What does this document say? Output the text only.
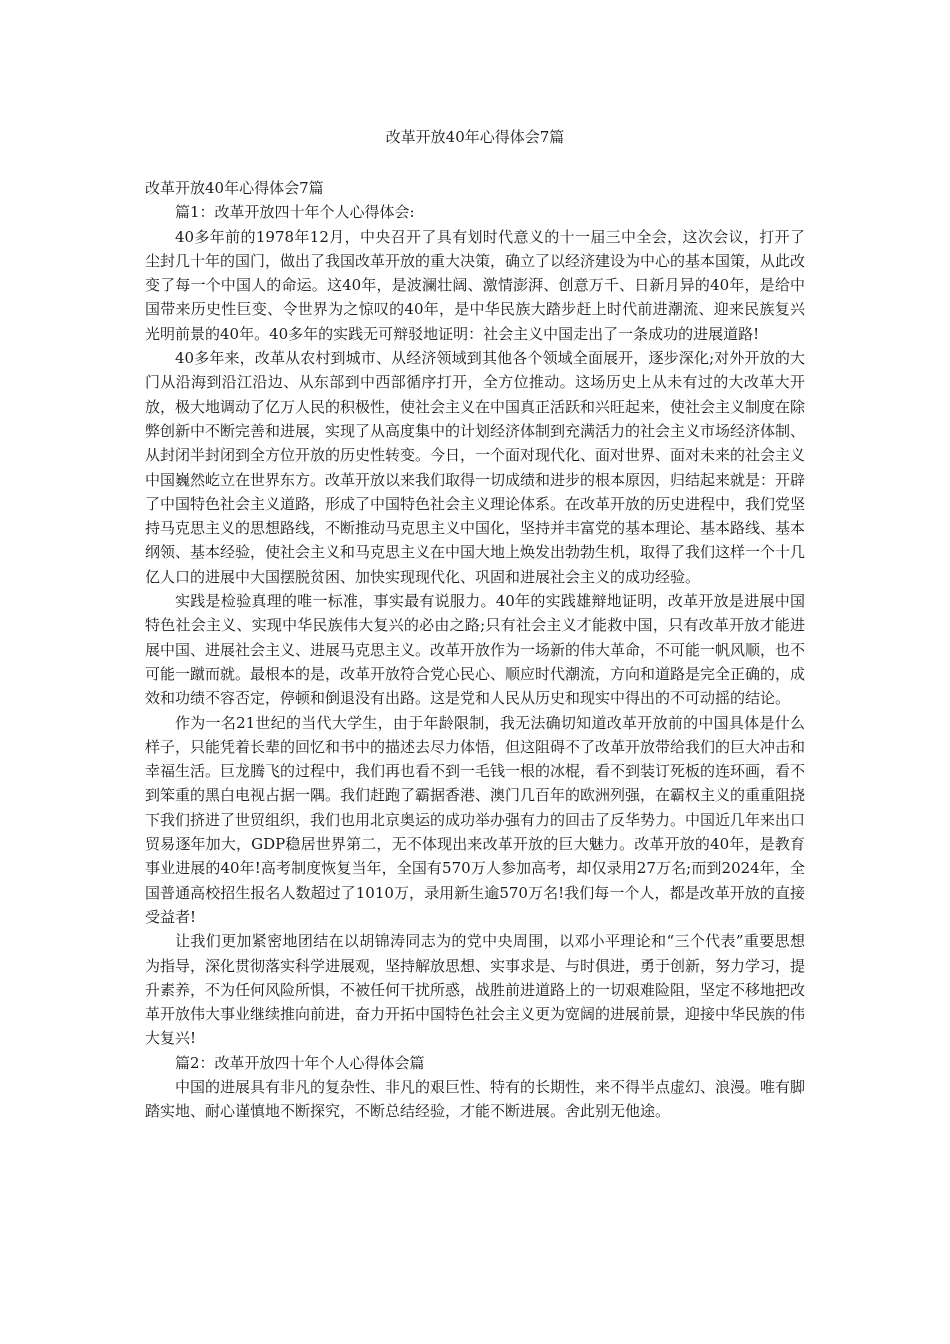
改革开放40年心得体会7篇

改革开放40年心得体会7篇

篇1：改革开放四十年个人心得体会:

40多年前的1978年12月，中央召开了具有划时代意义的十一届三中全会，这次会议，打开了尘封几十年的国门，做出了我国改革开放的重大决策，确立了以经济建设为中心的基本国策，从此改变了每一个中国人的命运。这40年，是波澜壮阔、激情澎湃、创意万千、日新月异的40年，是给中国带来历史性巨变、令世界为之惊叹的40年，是中华民族大踏步赶上时代前进潮流、迎来民族复兴光明前景的40年。40多年的实践无可辩驳地证明：社会主义中国走出了一条成功的进展道路!

40多年来，改革从农村到城市、从经济领域到其他各个领域全面展开，逐步深化;对外开放的大门从沿海到沿江沿边、从东部到中西部循序打开，全方位推动。这场历史上从未有过的大改革大开放，极大地调动了亿万人民的积极性，使社会主义在中国真正活跃和兴旺起来，使社会主义制度在除弊创新中不断完善和进展，实现了从高度集中的计划经济体制到充满活力的社会主义市场经济体制、从封闭半封闭到全方位开放的历史性转变。今日，一个面对现代化、面对世界、面对未来的社会主义中国巍然屹立在世界东方。改革开放以来我们取得一切成绩和进步的根本原因，归结起来就是：开辟了中国特色社会主义道路，形成了中国特色社会主义理论体系。在改革开放的历史进程中，我们党坚持马克思主义的思想路线，不断推动马克思主义中国化，坚持并丰富党的基本理论、基本路线、基本纲领、基本经验，使社会主义和马克思主义在中国大地上焕发出勃勃生机，取得了我们这样一个十几亿人口的进展中大国摆脱贫困、加快实现现代化、巩固和进展社会主义的成功经验。

实践是检验真理的唯一标准，事实最有说服力。40年的实践雄辩地证明，改革开放是进展中国特色社会主义、实现中华民族伟大复兴的必由之路;只有社会主义才能救中国，只有改革开放才能进展中国、进展社会主义、进展马克思主义。改革开放作为一场新的伟大革命，不可能一帆风顺，也不可能一蹴而就。最根本的是，改革开放符合党心民心、顺应时代潮流，方向和道路是完全正确的，成效和功绩不容否定，停顿和倒退没有出路。这是党和人民从历史和现实中得出的不可动摇的结论。

作为一名21世纪的当代大学生，由于年龄限制，我无法确切知道改革开放前的中国具体是什么样子，只能凭着长辈的回忆和书中的描述去尽力体悟，但这阻碍不了改革开放带给我们的巨大冲击和幸福生活。巨龙腾飞的过程中，我们再也看不到一毛钱一根的冰棍，看不到装订死板的连环画，看不到笨重的黑白电视占据一隅。我们赶跑了霸据香港、澳门几百年的欧洲列强，在霸权主义的重重阻挠下我们挤进了世贸组织，我们也用北京奥运的成功举办强有力的回击了反华势力。中国近几年来出口贸易逐年加大，GDP稳居世界第二，无不体现出来改革开放的巨大魅力。改革开放的40年，是教育事业进展的40年!高考制度恢复当年，全国有570万人参加高考，却仅录用27万名;而到2024年，全国普通高校招生报名人数超过了1010万，录用新生逾570万名!我们每一个人，都是改革开放的直接受益者!

让我们更加紧密地团结在以胡锦涛同志为的党中央周围，以邓小平理论和“三个代表”重要思想为指导，深化贯彻落实科学进展观，坚持解放思想、实事求是、与时俱进，勇于创新，努力学习，提升素养，不为任何风险所惧，不被任何干扰所惑，战胜前进道路上的一切艰难险阻，坚定不移地把改革开放伟大事业继续推向前进，奋力开拓中国特色社会主义更为宽阔的进展前景，迎接中华民族的伟大复兴!

篇2：改革开放四十年个人心得体会篇

中国的进展具有非凡的复杂性、非凡的艰巨性、特有的长期性，来不得半点虚幻、浪漫。唯有脚踏实地、耐心谨慎地不断探究，不断总结经验，才能不断进展。舍此别无他途。
